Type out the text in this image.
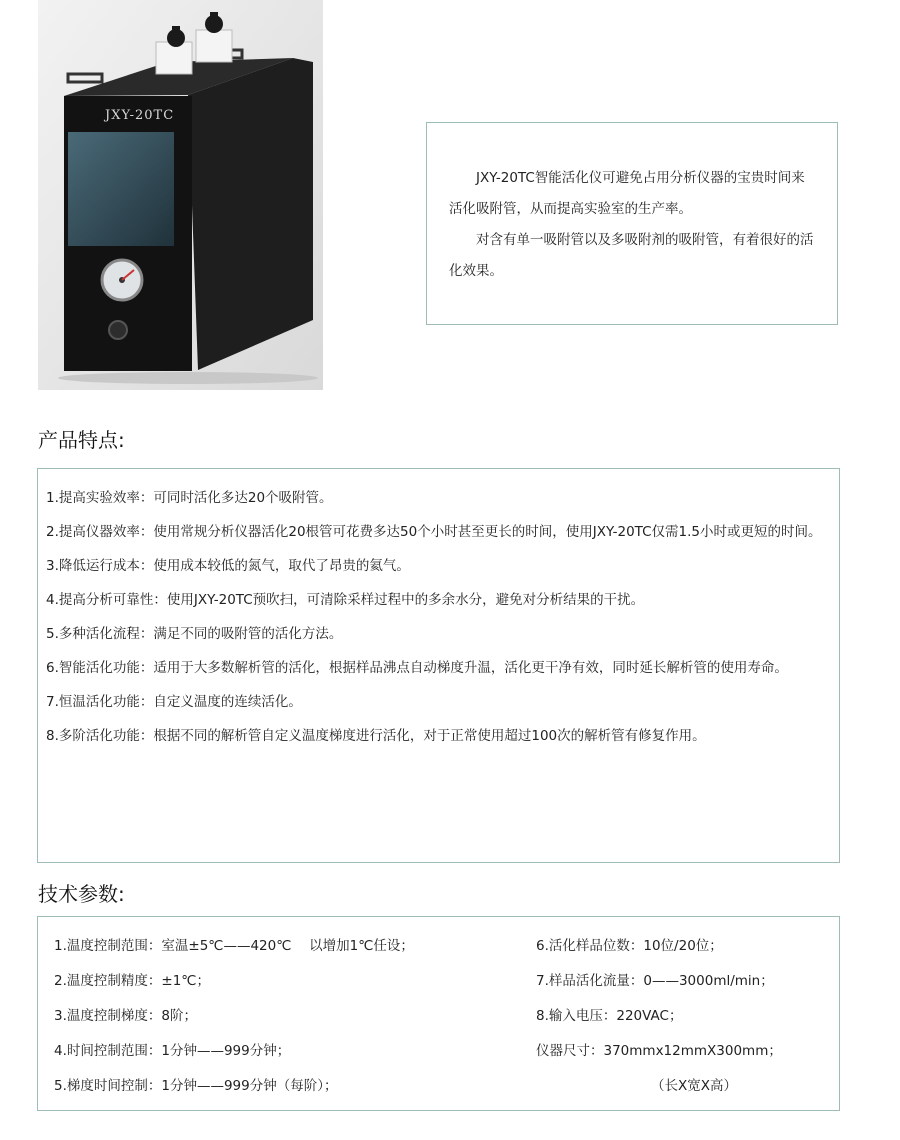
JXY-20TC

JXY-20TC智能活化仪可避免占用分析仪器的宝贵时间来活化吸附管，从而提高实验室的生产率。

对含有单一吸附管以及多吸附剂的吸附管，有着很好的活化效果。

产品特点:

1.提高实验效率：可同时活化多达20个吸附管。

2.提高仪器效率：使用常规分析仪器活化20根管可花费多达50个小时甚至更长的时间，使用JXY-20TC仅需1.5小时或更短的时间。

3.降低运行成本：使用成本较低的氮气，取代了昂贵的氦气。

4.提高分析可靠性：使用JXY-20TC预吹扫，可清除采样过程中的多余水分，避免对分析结果的干扰。

5.多种活化流程：满足不同的吸附管的活化方法。

6.智能活化功能：适用于大多数解析管的活化，根据样品沸点自动梯度升温，活化更干净有效，同时延长解析管的使用寿命。

7.恒温活化功能：自定义温度的连续活化。

8.多阶活化功能：根据不同的解析管自定义温度梯度进行活化，对于正常使用超过100次的解析管有修复作用。

技术参数:
1.温度控制范围：室温±5℃——420℃　 以增加1℃任设；	6.活化样品位数：10位/20位；
2.温度控制精度：±1℃；	7.样品活化流量：0——3000ml/min；
3.温度控制梯度：8阶；	8.输入电压：220VAC；
4.时间控制范围：1分钟——999分钟；	仪器尺寸：370mmx12mmX300mm；
5.梯度时间控制：1分钟——999分钟（每阶）；	（长X宽X高）
